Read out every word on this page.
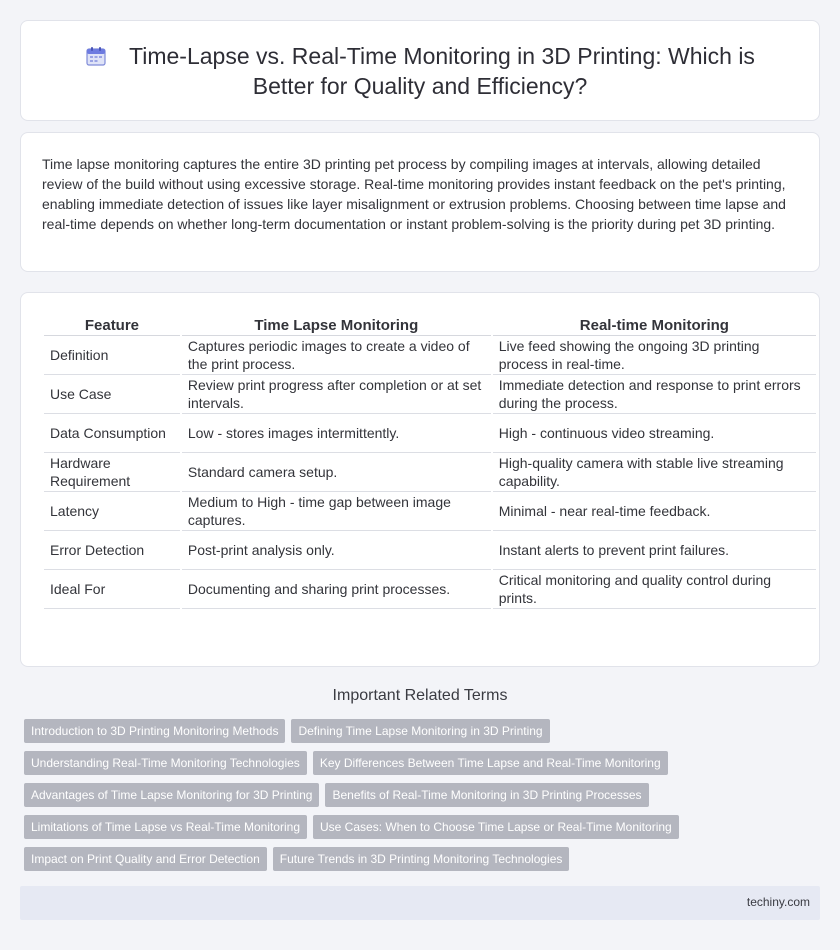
Time-Lapse vs. Real-Time Monitoring in 3D Printing: Which is Better for Quality and Efficiency?

Time lapse monitoring captures the entire 3D printing pet process by compiling images at intervals, allowing detailed review of the build without using excessive storage. Real-time monitoring provides instant feedback on the pet's printing, enabling immediate detection of issues like layer misalignment or extrusion problems. Choosing between time lapse and real-time depends on whether long-term documentation or instant problem-solving is the priority during pet 3D printing.

Feature	Time Lapse Monitoring	Real-time Monitoring
Definition	Captures periodic images to create a video of the print process.	Live feed showing the ongoing 3D printing process in real-time.
Use Case	Review print progress after completion or at set intervals.	Immediate detection and response to print errors during the process.
Data Consumption	Low - stores images intermittently.	High - continuous video streaming.
Hardware Requirement	Standard camera setup.	High-quality camera with stable live streaming capability.
Latency	Medium to High - time gap between image captures.	Minimal - near real-time feedback.
Error Detection	Post-print analysis only.	Instant alerts to prevent print failures.
Ideal For	Documenting and sharing print processes.	Critical monitoring and quality control during prints.
Important Related Terms
Introduction to 3D Printing Monitoring Methods Defining Time Lapse Monitoring in 3D Printing
Understanding Real-Time Monitoring Technologies Key Differences Between Time Lapse and Real-Time Monitoring
Advantages of Time Lapse Monitoring for 3D Printing Benefits of Real-Time Monitoring in 3D Printing Processes
Limitations of Time Lapse vs Real-Time Monitoring Use Cases: When to Choose Time Lapse or Real-Time Monitoring
Impact on Print Quality and Error Detection Future Trends in 3D Printing Monitoring Technologies
techiny.com
